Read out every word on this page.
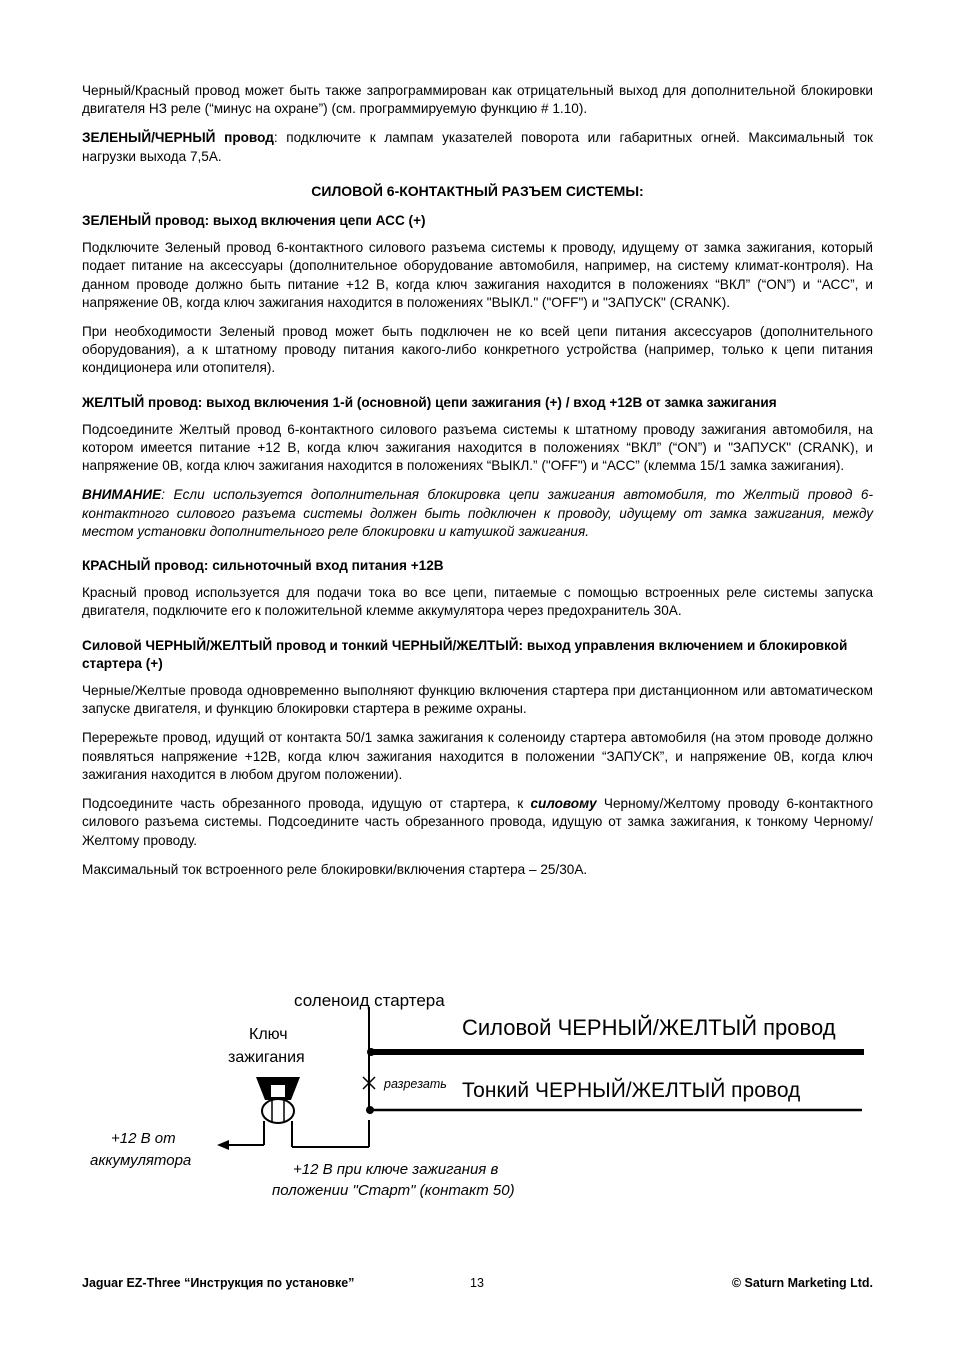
Черный/Красный провод может быть также запрограммирован как отрицательный выход для дополнительной блокировки двигателя НЗ реле (“минус на охране”) (см. программируемую функцию # 1.10).

ЗЕЛЕНЫЙ/ЧЕРНЫЙ провод: подключите к лампам указателей поворота или габаритных огней. Максимальный ток нагрузки выхода 7,5А.

СИЛОВОЙ 6-КОНТАКТНЫЙ РАЗЪЕМ СИСТЕМЫ:
ЗЕЛЕНЫЙ провод: выход включения цепи АСС (+)

Подключите Зеленый провод 6-контактного силового разъема системы к проводу, идущему от замка зажигания, который подает питание на аксессуары (дополнительное оборудование автомобиля, например, на систему климат-контроля). На данном проводе должно быть питание +12 В, когда ключ зажигания находится в положениях “ВКЛ” (“ON”) и “АСС”, и напряжение 0В, когда ключ зажигания находится в положениях "ВЫКЛ." ("OFF") и "ЗАПУСК" (CRANK).

При необходимости Зеленый провод может быть подключен не ко всей цепи питания аксессуаров (дополнительного оборудования), а к штатному проводу питания какого-либо конкретного устройства (например, только к цепи питания кондиционера или отопителя).

ЖЕЛТЫЙ провод: выход включения 1-й (основной) цепи зажигания (+) / вход +12В от замка зажигания

Подсоедините Желтый провод 6-контактного силового разъема системы к штатному проводу зажигания автомобиля, на котором имеется питание +12 В, когда ключ зажигания находится в положениях “ВКЛ” (“ON”) и "ЗАПУСК" (CRANK), и напряжение 0В, когда ключ зажигания находится в положениях “ВЫКЛ.” ("OFF") и “АСС” (клемма 15/1 замка зажигания).

ВНИМАНИЕ: Если используется дополнительная блокировка цепи зажигания автомобиля, то Желтый провод 6-контактного силового разъема системы должен быть подключен к проводу, идущему от замка зажигания, между местом установки дополнительного реле блокировки и катушкой зажигания.

КРАСНЫЙ провод: сильноточный вход питания +12В

Красный провод используется для подачи тока во все цепи, питаемые с помощью встроенных реле системы запуска двигателя, подключите его к положительной клемме аккумулятора через предохранитель 30А.

Силовой ЧЕРНЫЙ/ЖЕЛТЫЙ провод и тонкий ЧЕРНЫЙ/ЖЕЛТЫЙ: выход управления включением и блокировкой стартера (+)

Черные/Желтые провода одновременно выполняют функцию включения стартера при дистанционном или автоматическом запуске двигателя, и функцию блокировки стартера в режиме охраны.

Перережьте провод, идущий от контакта 50/1 замка зажигания к соленоиду стартера автомобиля (на этом проводе должно появляться напряжение +12В, когда ключ зажигания находится в положении “ЗАПУСК”, и напряжение 0В, когда ключ зажигания находится в любом другом положении).

Подсоедините часть обрезанного провода, идущую от стартера, к силовому Черному/Желтому проводу 6-контактного силового разъема системы. Подсоедините часть обрезанного провода, идущую от замка зажигания, к тонкому Черному/Желтому проводу.

Максимальный ток встроенного реле блокировки/включения стартера – 25/30А.

соленоид стартера
Ключ
зажигания
Силовой ЧЕРНЫЙ/ЖЕЛТЫЙ провод
разрезать Тонкий ЧЕРНЫЙ/ЖЕЛТЫЙ провод
+12 В от
аккумулятора
+12 В при ключе зажигания в
положении "Старт" (контакт 50)
Jaguar EZ-Three “Инструкция по установке”	13	© Saturn Marketing Ltd.
